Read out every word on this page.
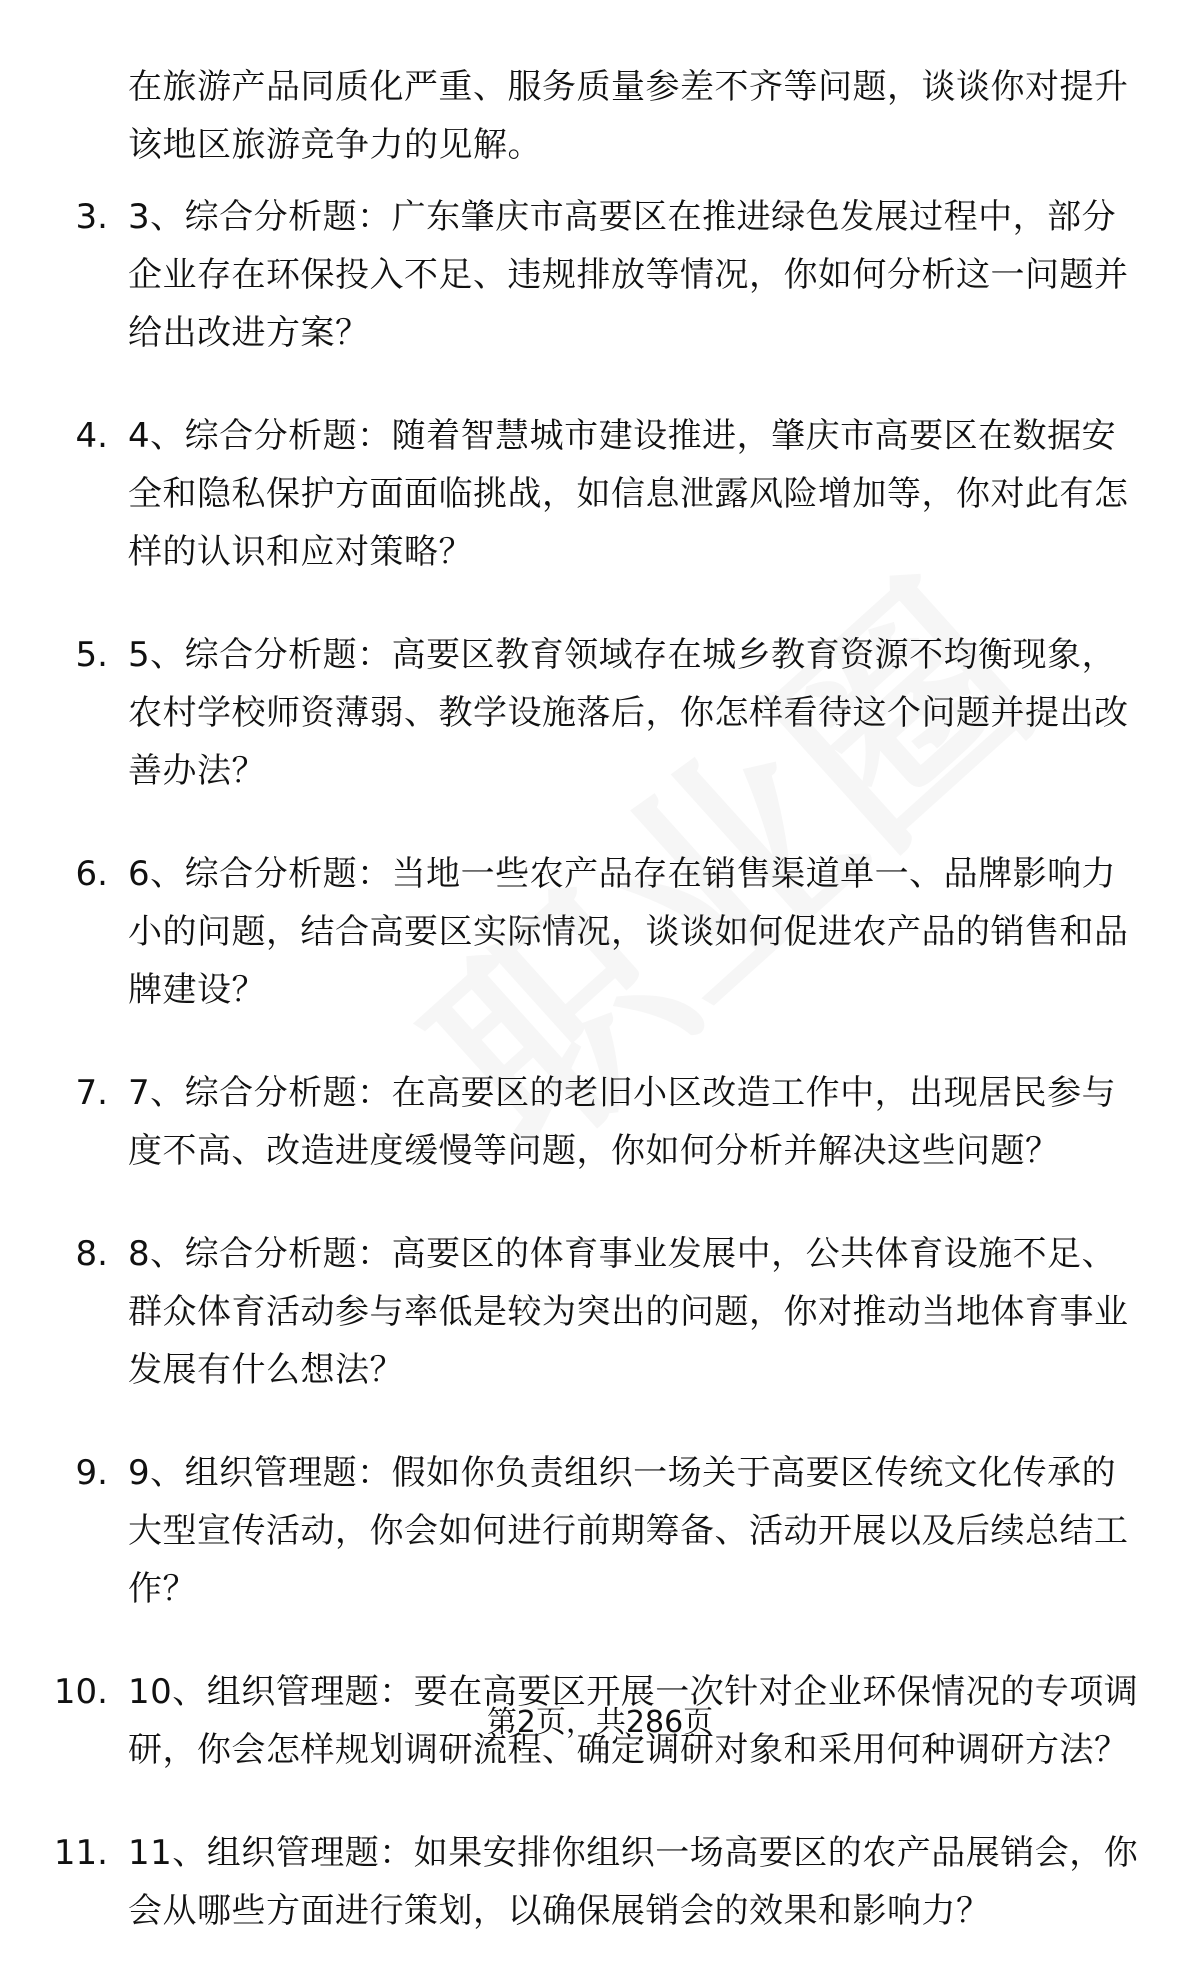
在旅游产品同质化严重、服务质量参差不齐等问题，谈谈你对提升该地区旅游竞争力的见解。
3. 3、综合分析题：广东肇庆市高要区在推进绿色发展过程中，部分企业存在环保投入不足、违规排放等情况，你如何分析这一问题并给出改进方案？
4. 4、综合分析题：随着智慧城市建设推进，肇庆市高要区在数据安全和隐私保护方面面临挑战，如信息泄露风险增加等，你对此有怎样的认识和应对策略？
5. 5、综合分析题：高要区教育领域存在城乡教育资源不均衡现象，农村学校师资薄弱、教学设施落后，你怎样看待这个问题并提出改善办法？
6. 6、综合分析题：当地一些农产品存在销售渠道单一、品牌影响力小的问题，结合高要区实际情况，谈谈如何促进农产品的销售和品牌建设？
7. 7、综合分析题：在高要区的老旧小区改造工作中，出现居民参与度不高、改造进度缓慢等问题，你如何分析并解决这些问题？
8. 8、综合分析题：高要区的体育事业发展中，公共体育设施不足、群众体育活动参与率低是较为突出的问题，你对推动当地体育事业发展有什么想法？
9. 9、组织管理题：假如你负责组织一场关于高要区传统文化传承的大型宣传活动，你会如何进行前期筹备、活动开展以及后续总结工作？
10. 10、组织管理题：要在高要区开展一次针对企业环保情况的专项调研，你会怎样规划调研流程、确定调研对象和采用何种调研方法？
11. 11、组织管理题：如果安排你组织一场高要区的农产品展销会，你会从哪些方面进行策划，以确保展销会的效果和影响力？
第2页，共286页
